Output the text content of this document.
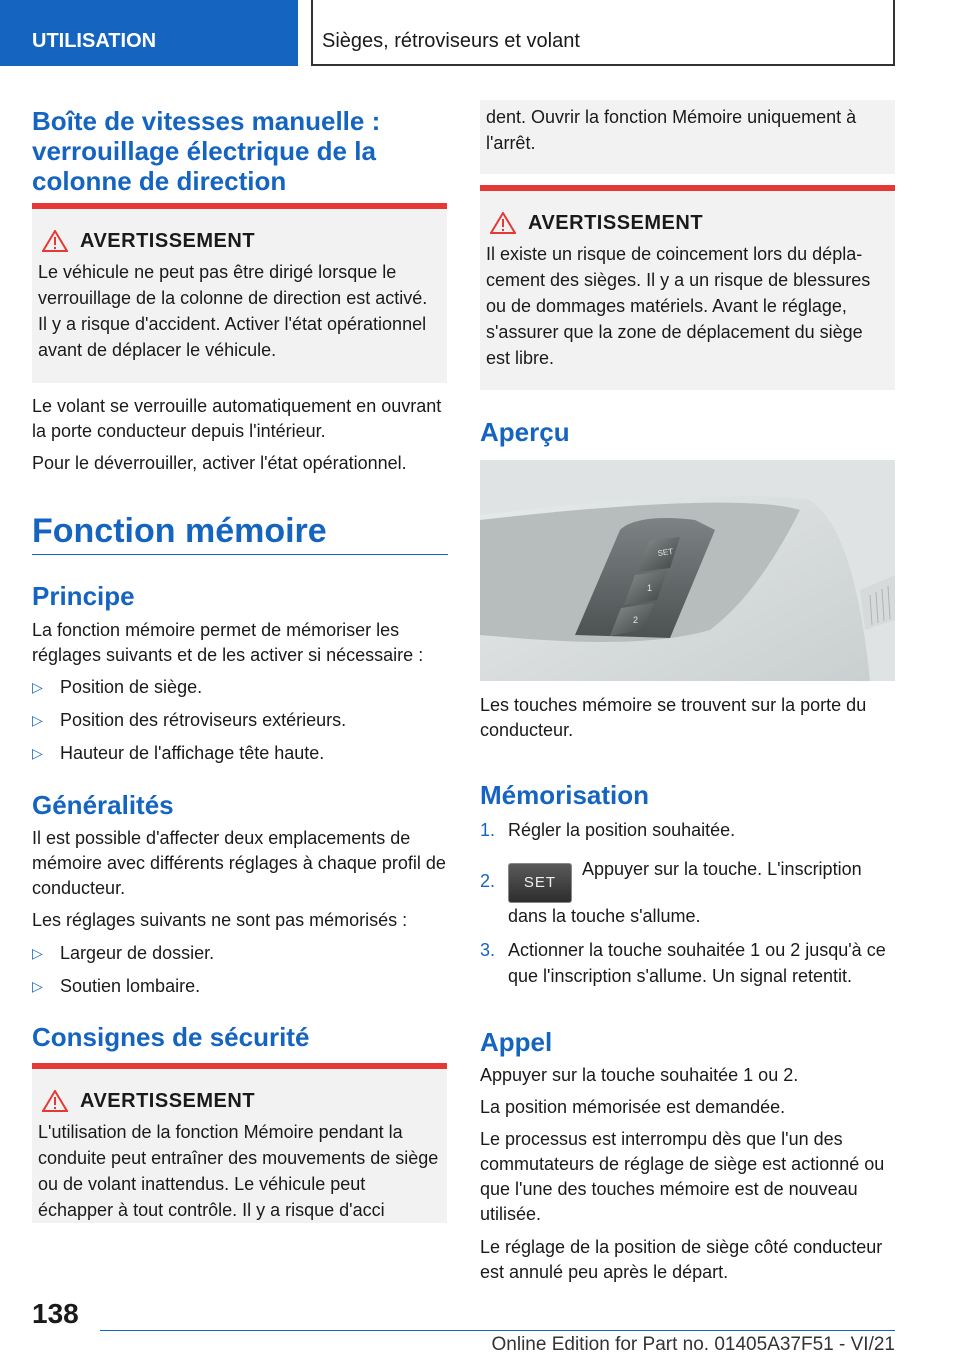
UTILISATION	Sièges, rétroviseurs et volant
Boîte de vitesses manuelle : verrouillage électrique de la colonne de direction
AVERTISSEMENT
Le véhicule ne peut pas être dirigé lorsque le verrouillage de la colonne de direction est activé. Il y a risque d'accident. Activer l'état opérationnel avant de déplacer le véhicule.

Le volant se verrouille automatiquement en ouvrant la porte conducteur depuis l'intérieur.

Pour le déverrouiller, activer l'état opérationnel.

Fonction mémoire
Principe

La fonction mémoire permet de mémoriser les réglages suivants et de les activer si nécessaire :

▷ Position de siège.
▷ Position des rétroviseurs extérieurs.
▷ Hauteur de l'affichage tête haute.
Généralités

Il est possible d'affecter deux emplacements de mémoire avec différents réglages à chaque profil de conducteur.

Les réglages suivants ne sont pas mémorisés :

▷ Largeur de dossier.
▷ Soutien lombaire.
Consignes de sécurité
AVERTISSEMENT
L'utilisation de la fonction Mémoire pendant la conduite peut entraîner des mouvements de siège ou de volant inattendus. Le véhicule peut échapper à tout contrôle. Il y a risque d'acci
dent. Ouvrir la fonction Mémoire uniquement à l'arrêt.
AVERTISSEMENT
Il existe un risque de coincement lors du déplacement des sièges. Il y a un risque de blessures ou de dommages matériels. Avant le réglage, s'assurer que la zone de déplacement du siège est libre.
Aperçu
SET
1
2

Les touches mémoire se trouvent sur la porte du conducteur.

Mémorisation
1. Régler la position souhaitée.
2. SETAppuyer sur la touche. L'inscription dans la touche s'allume.
3. Actionner la touche souhaitée 1 ou 2 jusqu'à ce que l'inscription s'allume. Un signal retentit.
Appel

Appuyer sur la touche souhaitée 1 ou 2.

La position mémorisée est demandée.

Le processus est interrompu dès que l'un des commutateurs de réglage de siège est actionné ou que l'une des touches mémoire est de nouveau utilisée.

Le réglage de la position de siège côté conducteur est annulé peu après le départ.

138
Online Edition for Part no. 01405A37F51 - VI/21
